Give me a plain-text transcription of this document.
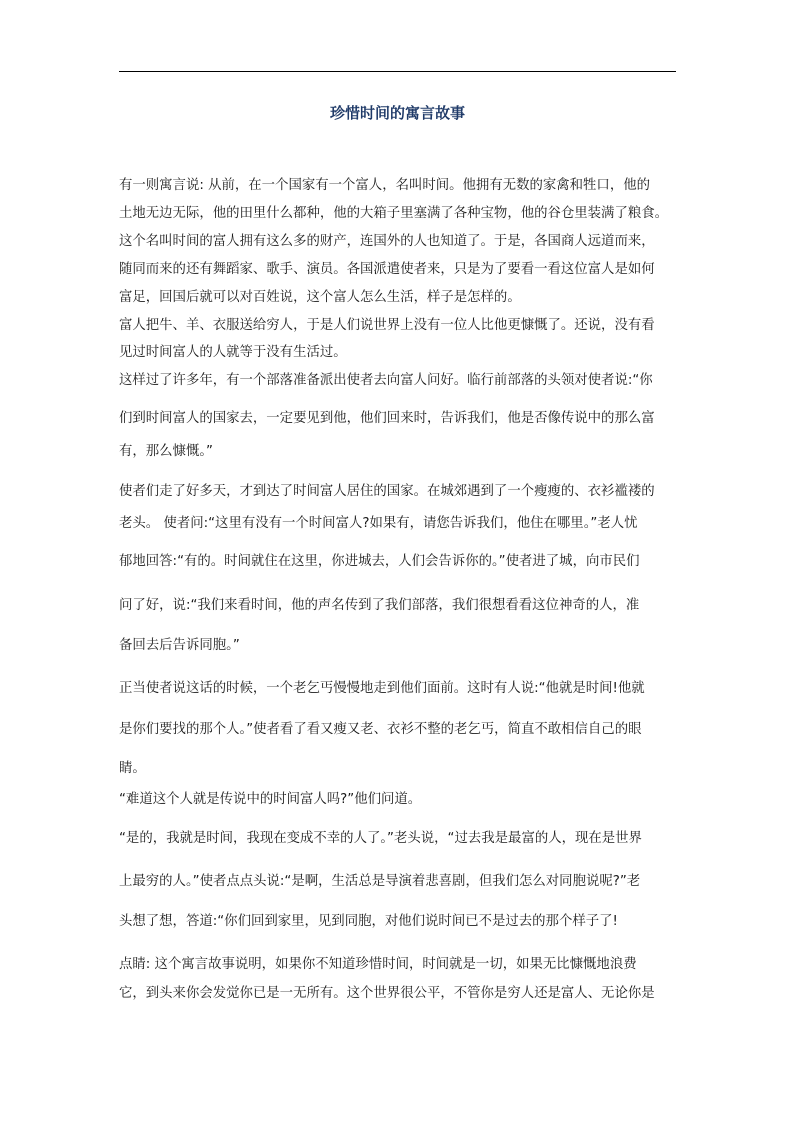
珍惜时间的寓言故事
有一则寓言说: 从前，在一个国家有一个富人，名叫时间。他拥有无数的家禽和牲口，他的
土地无边无际，他的田里什么都种，他的大箱子里塞满了各种宝物，他的谷仓里装满了粮食。
这个名叫时间的富人拥有这么多的财产，连国外的人也知道了。于是，各国商人远道而来，
随同而来的还有舞蹈家、歌手、演员。各国派遣使者来，只是为了要看一看这位富人是如何
富足，回国后就可以对百姓说，这个富人怎么生活，样子是怎样的。
富人把牛、羊、衣服送给穷人，于是人们说世界上没有一位人比他更慷慨了。还说，没有看
见过时间富人的人就等于没有生活过。
这样过了许多年，有一个部落准备派出使者去向富人问好。临行前部落的头领对使者说:“你
们到时间富人的国家去，一定要见到他，他们回来时，告诉我们，他是否像传说中的那么富
有，那么慷慨。”
使者们走了好多天，才到达了时间富人居住的国家。在城郊遇到了一个瘦瘦的、衣衫褴褛的
老头。 使者问:“这里有没有一个时间富人?如果有，请您告诉我们，他住在哪里。”老人忧
郁地回答:“有的。时间就住在这里，你进城去，人们会告诉你的。”使者进了城，向市民们
问了好，说:“我们来看时间，他的声名传到了我们部落，我们很想看看这位神奇的人，准
备回去后告诉同胞。”
正当使者说这话的时候，一个老乞丐慢慢地走到他们面前。这时有人说:“他就是时间!他就
是你们要找的那个人。”使者看了看又瘦又老、衣衫不整的老乞丐，简直不敢相信自己的眼
睛。
“难道这个人就是传说中的时间富人吗?”他们问道。
“是的，我就是时间，我现在变成不幸的人了。”老头说，“过去我是最富的人，现在是世界
上最穷的人。”使者点点头说:“是啊，生活总是导演着悲喜剧，但我们怎么对同胞说呢?”老
头想了想，答道:“你们回到家里，见到同胞，对他们说时间已不是过去的那个样子了!
点睛: 这个寓言故事说明，如果你不知道珍惜时间，时间就是一切，如果无比慷慨地浪费
它，到头来你会发觉你已是一无所有。这个世界很公平，不管你是穷人还是富人、无论你是
